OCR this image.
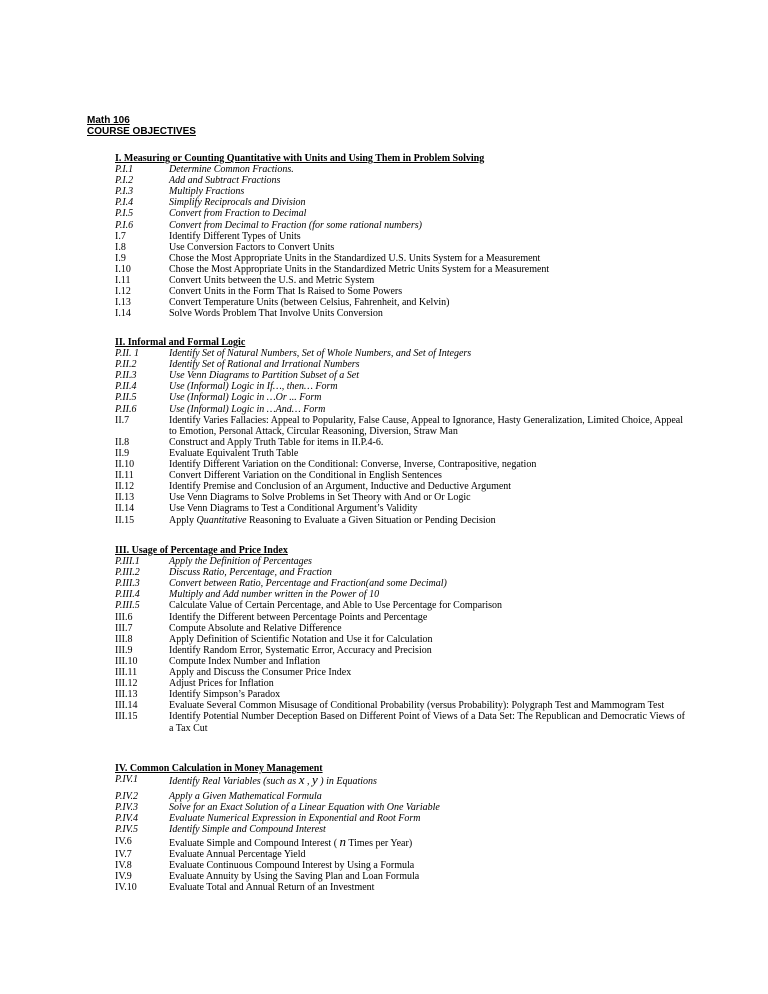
Math 106
COURSE OBJECTIVES
I. Measuring or Counting Quantitative with Units and Using Them in Problem Solving
P.I.1	Determine Common Fractions.
P.I.2	Add and Subtract Fractions
P.I.3	Multiply Fractions
P.I.4	Simplify Reciprocals and Division
P.I.5	Convert from Fraction to Decimal
P.I.6	Convert from Decimal to Fraction (for some rational numbers)
I.7	Identify Different Types of Units
I.8	Use Conversion Factors to Convert Units
I.9	Chose the Most Appropriate Units in the Standardized U.S. Units System for a Measurement
I.10	Chose the Most Appropriate Units in the Standardized Metric Units System for a Measurement
I.11	Convert Units between the U.S. and Metric System
I.12	Convert Units in the Form That Is Raised to Some Powers
I.13	Convert Temperature Units (between Celsius, Fahrenheit, and Kelvin)
I.14	Solve Words Problem That Involve Units Conversion
II. Informal and Formal Logic
P.II. 1	Identify Set of Natural Numbers, Set of Whole Numbers, and Set of Integers
P.II.2	Identify Set of Rational and Irrational Numbers
P.II.3	Use Venn Diagrams to Partition Subset of a Set
P.II.4	Use (Informal) Logic in If…, then… Form
P.II.5	Use (Informal) Logic in …Or ... Form
P.II.6	Use (Informal) Logic in …And… Form
II.7	Identify Varies Fallacies: Appeal to Popularity, False Cause, Appeal to Ignorance, Hasty Generalization, Limited Choice, Appeal to Emotion, Personal Attack, Circular Reasoning, Diversion, Straw Man
II.8	Construct and Apply Truth Table for items in II.P.4-6.
II.9	Evaluate Equivalent Truth Table
II.10	Identify Different Variation on the Conditional: Converse, Inverse, Contrapositive, negation
II.11	Convert Different Variation on the Conditional in English Sentences
II.12	Identify Premise and Conclusion of an Argument, Inductive and Deductive Argument
II.13	Use Venn Diagrams to Solve Problems in Set Theory with And or Or Logic
II.14	Use Venn Diagrams to Test a Conditional Argument’s Validity
II.15	Apply Quantitative Reasoning to Evaluate a Given Situation or Pending Decision
III. Usage of Percentage and Price Index
P.III.1	Apply the Definition of Percentages
P.III.2	Discuss Ratio, Percentage, and Fraction
P.III.3	Convert between Ratio, Percentage and Fraction(and some Decimal)
P.III.4	Multiply and Add number written in the Power of 10
P.III.5	Calculate Value of Certain Percentage, and Able to Use Percentage for Comparison
III.6	Identify the Different between Percentage Points and Percentage
III.7	Compute Absolute and Relative Difference
III.8	Apply Definition of Scientific Notation and Use it for Calculation
III.9	Identify Random Error, Systematic Error, Accuracy and Precision
III.10	Compute Index Number and Inflation
III.11	Apply and Discuss the Consumer Price Index
III.12	Adjust Prices for Inflation
III.13	Identify Simpson’s Paradox
III.14	Evaluate Several Common Misusage of Conditional Probability (versus Probability): Polygraph Test and Mammogram Test
III.15	Identify Potential Number Deception Based on Different Point of Views of a Data Set: The Republican and Democratic Views of a Tax Cut
IV. Common Calculation in Money Management
P.IV.1	Identify Real Variables (such as x , y ) in Equations
P.IV.2	Apply a Given Mathematical Formula
P.IV.3	Solve for an Exact Solution of a Linear Equation with One Variable
P.IV.4	Evaluate Numerical Expression in Exponential and Root Form
P.IV.5	Identify Simple and Compound Interest
IV.6	Evaluate Simple and Compound Interest ( n Times per Year)
IV.7	Evaluate Annual Percentage Yield
IV.8	Evaluate Continuous Compound Interest by Using a Formula
IV.9	Evaluate Annuity by Using the Saving Plan and Loan Formula
IV.10	Evaluate Total and Annual Return of an Investment
